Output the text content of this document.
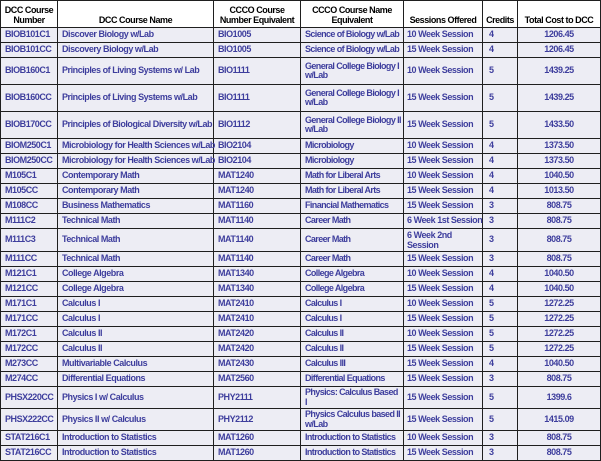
DCC Course Number	DCC Course Name	CCCO Course Number Equivalent	CCCO Course Name Equivalent	Sessions Offered	Credits	Total Cost to DCC
BIOB101C1	Discover Biology w/Lab	BIO1005	Science of Biology w/Lab	10 Week Session	4	1206.45
BIOB101CC	Discovery Biology w/Lab	BIO1005	Science of Biology w/Lab	15 Week Session	4	1206.45
BIOB160C1	Principles of Living Systems w/ Lab	BIO1111	General College Biology I w/Lab	10 Week Session	5	1439.25
BIOB160CC	Principles of Living Systems w/Lab	BIO1111	General College Biology I w/Lab	15 Week Session	5	1439.25
BIOB170CC	Principles of Biological Diversity w/Lab	BIO1112	General College Biology II w/Lab	15 Week Session	5	1433.50
BIOM250C1	Microbiology for Health Sciences w/Lab	BIO2104	Microbiology	10 Week Session	4	1373.50
BIOM250CC	Microbiology for Health Sciences w/Lab	BIO2104	Microbiology	15 Week Session	4	1373.50
M105C1	Contemporary Math	MAT1240	Math for Liberal Arts	10 Week Session	4	1040.50
M105CC	Contemporary Math	MAT1240	Math for Liberal Arts	15 Week Session	4	1013.50
M108CC	Business Mathematics	MAT1160	Financial Mathematics	15 Week Session	3	808.75
M111C2	Technical Math	MAT1140	Career Math	6 Week 1st Session	3	808.75
M111C3	Technical Math	MAT1140	Career Math	6 Week 2nd Session	3	808.75
M111CC	Technical Math	MAT1140	Career Math	15 Week Session	3	808.75
M121C1	College Algebra	MAT1340	College Algebra	10 Week Session	4	1040.50
M121CC	College Algebra	MAT1340	College Algebra	15 Week Session	4	1040.50
M171C1	Calculus I	MAT2410	Calculus I	10 Week Session	5	1272.25
M171CC	Calculus I	MAT2410	Calculus I	15 Week Session	5	1272.25
M172C1	Calculus II	MAT2420	Calculus II	10 Week Session	5	1272.25
M172CC	Calculus II	MAT2420	Calculus II	15 Week Session	5	1272.25
M273CC	Multivariable Calculus	MAT2430	Calculus III	15 Week Session	4	1040.50
M274CC	Differential Equations	MAT2560	Differential Equations	15 Week Session	3	808.75
PHSX220CC	Physics I w/ Calculus	PHY2111	Physics: Calculus Based I	15 Week Session	5	1399.6
PHSX222CC	Physics II w/ Calculus	PHY2112	Physics Calculus based II w/Lab	15 Week Session	5	1415.09
STAT216C1	Introduction to Statistics	MAT1260	Introduction to Statistics	10 Week Session	3	808.75
STAT216CC	Introduction to Statistics	MAT1260	Introduction to Statistics	15 Week Session	3	808.75
